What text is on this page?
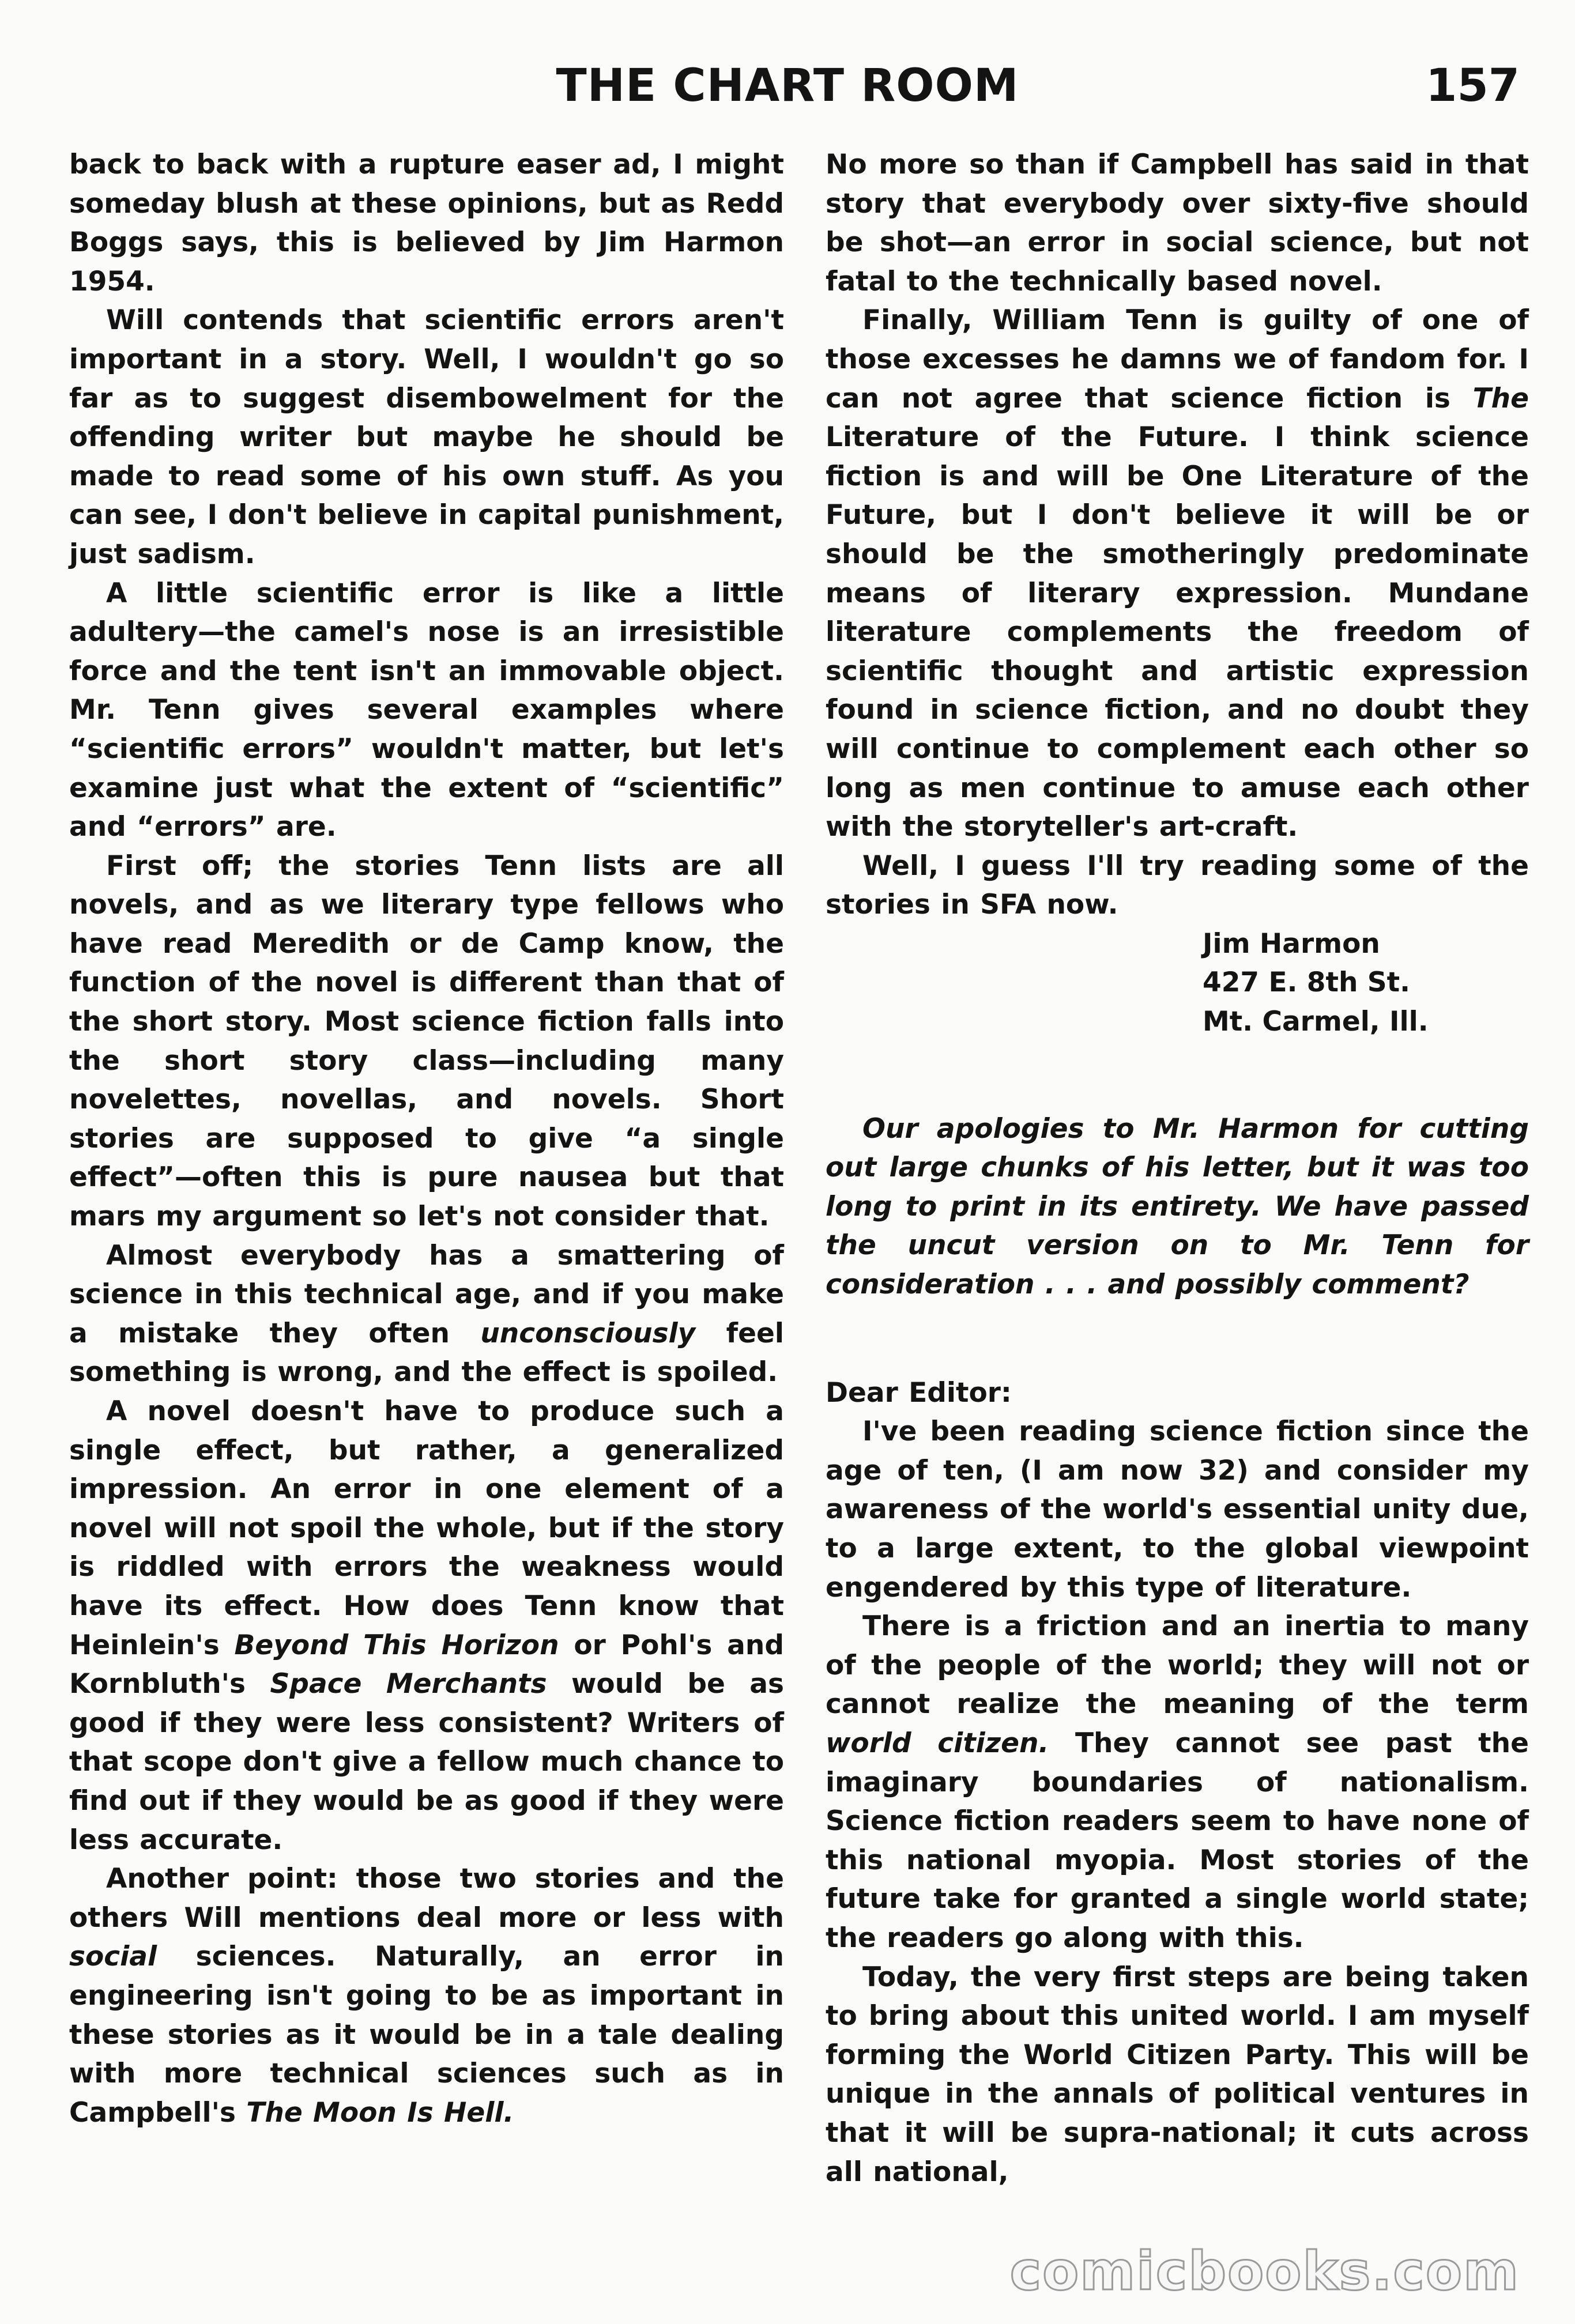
THE CHART ROOM	157

back to back with a rupture easer ad, I might someday blush at these opinions, but as Redd Boggs says, this is believed by Jim Harmon 1954.

Will contends that scientific errors aren't important in a story. Well, I wouldn't go so far as to suggest disembowelment for the offending writer but maybe he should be made to read some of his own stuff. As you can see, I don't believe in capital punishment, just sadism.

A little scientific error is like a little adultery—the camel's nose is an irresistible force and the tent isn't an immovable object. Mr. Tenn gives several examples where “scientific errors” wouldn't matter, but let's examine just what the extent of “scientific” and “errors” are.

First off; the stories Tenn lists are all novels, and as we literary type fellows who have read Meredith or de Camp know, the function of the novel is different than that of the short story. Most science fiction falls into the short story class—including many novelettes, novellas, and novels. Short stories are supposed to give “a single effect”—often this is pure nausea but that mars my argument so let's not consider that.

Almost everybody has a smattering of science in this technical age, and if you make a mistake they often unconsciously feel something is wrong, and the effect is spoiled.

A novel doesn't have to produce such a single effect, but rather, a generalized impression. An error in one element of a novel will not spoil the whole, but if the story is riddled with errors the weakness would have its effect. How does Tenn know that Heinlein's Beyond This Horizon or Pohl's and Kornbluth's Space Merchants would be as good if they were less consistent? Writers of that scope don't give a fellow much chance to find out if they would be as good if they were less accurate.

Another point: those two stories and the others Will mentions deal more or less with social sciences. Naturally, an error in engineering isn't going to be as important in these stories as it would be in a tale dealing with more technical sciences such as in Campbell's The Moon Is Hell.

No more so than if Campbell has said in that story that everybody over sixty-five should be shot—an error in social science, but not fatal to the technically based novel.

Finally, William Tenn is guilty of one of those excesses he damns we of fandom for. I can not agree that science fiction is The Literature of the Future. I think science fiction is and will be One Literature of the Future, but I don't believe it will be or should be the smotheringly predominate means of literary expression. Mundane literature complements the freedom of scientific thought and artistic expression found in science fiction, and no doubt they will continue to complement each other so long as men continue to amuse each other with the storyteller's art-craft.

Well, I guess I'll try reading some of the stories in SFA now.

Jim Harmon

427 E. 8th St.

Mt. Carmel, Ill.

Our apologies to Mr. Harmon for cutting out large chunks of his letter, but it was too long to print in its entirety. We have passed the uncut version on to Mr. Tenn for consideration . . . and possibly comment?

Dear Editor:

I've been reading science fiction since the age of ten, (I am now 32) and consider my awareness of the world's essential unity due, to a large extent, to the global viewpoint engendered by this type of literature.

There is a friction and an inertia to many of the people of the world; they will not or cannot realize the meaning of the term world citizen. They cannot see past the imaginary boundaries of nationalism. Science fiction readers seem to have none of this national myopia. Most stories of the future take for granted a single world state; the readers go along with this.

Today, the very first steps are being taken to bring about this united world. I am myself forming the World Citizen Party. This will be unique in the annals of political ventures in that it will be supra-national; it cuts across all national,

comicbooks.com
